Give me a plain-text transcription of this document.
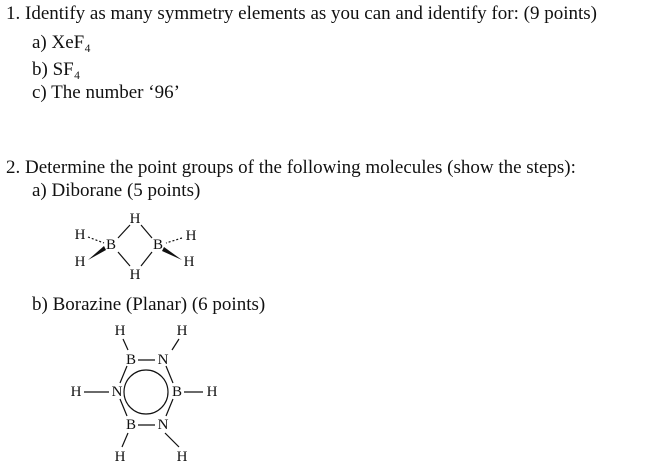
1. Identify as many symmetry elements as you can and identify for: (9 points)
a) XeF₄
b) SF₄
c) The number ‘96’
2. Determine the point groups of the following molecules (show the steps):
a) Diborane (5 points)
b) Borazine (Planar) (6 points)
H
B B
H
H
H
H
H
H	H
B N
H N	B H
B N
H	H
